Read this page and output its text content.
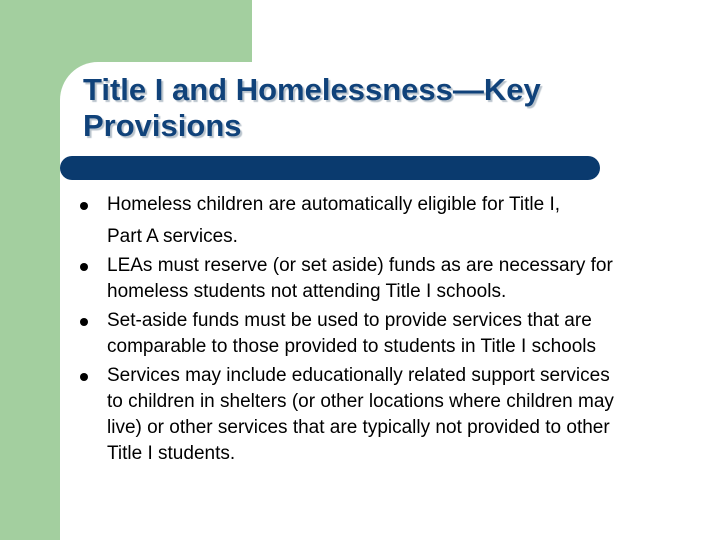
Title I and Homelessness—Key
Provisions
Homeless children are automatically eligible for Title I,
Part A services.
LEAs must reserve (or set aside) funds as are necessary for
homeless students not attending Title I schools.
Set-aside funds must be used to provide services that are
comparable to those provided to students in Title I schools
Services may include educationally related support services
to children in shelters (or other locations where children may
live) or other services that are typically not provided to other
Title I students.
